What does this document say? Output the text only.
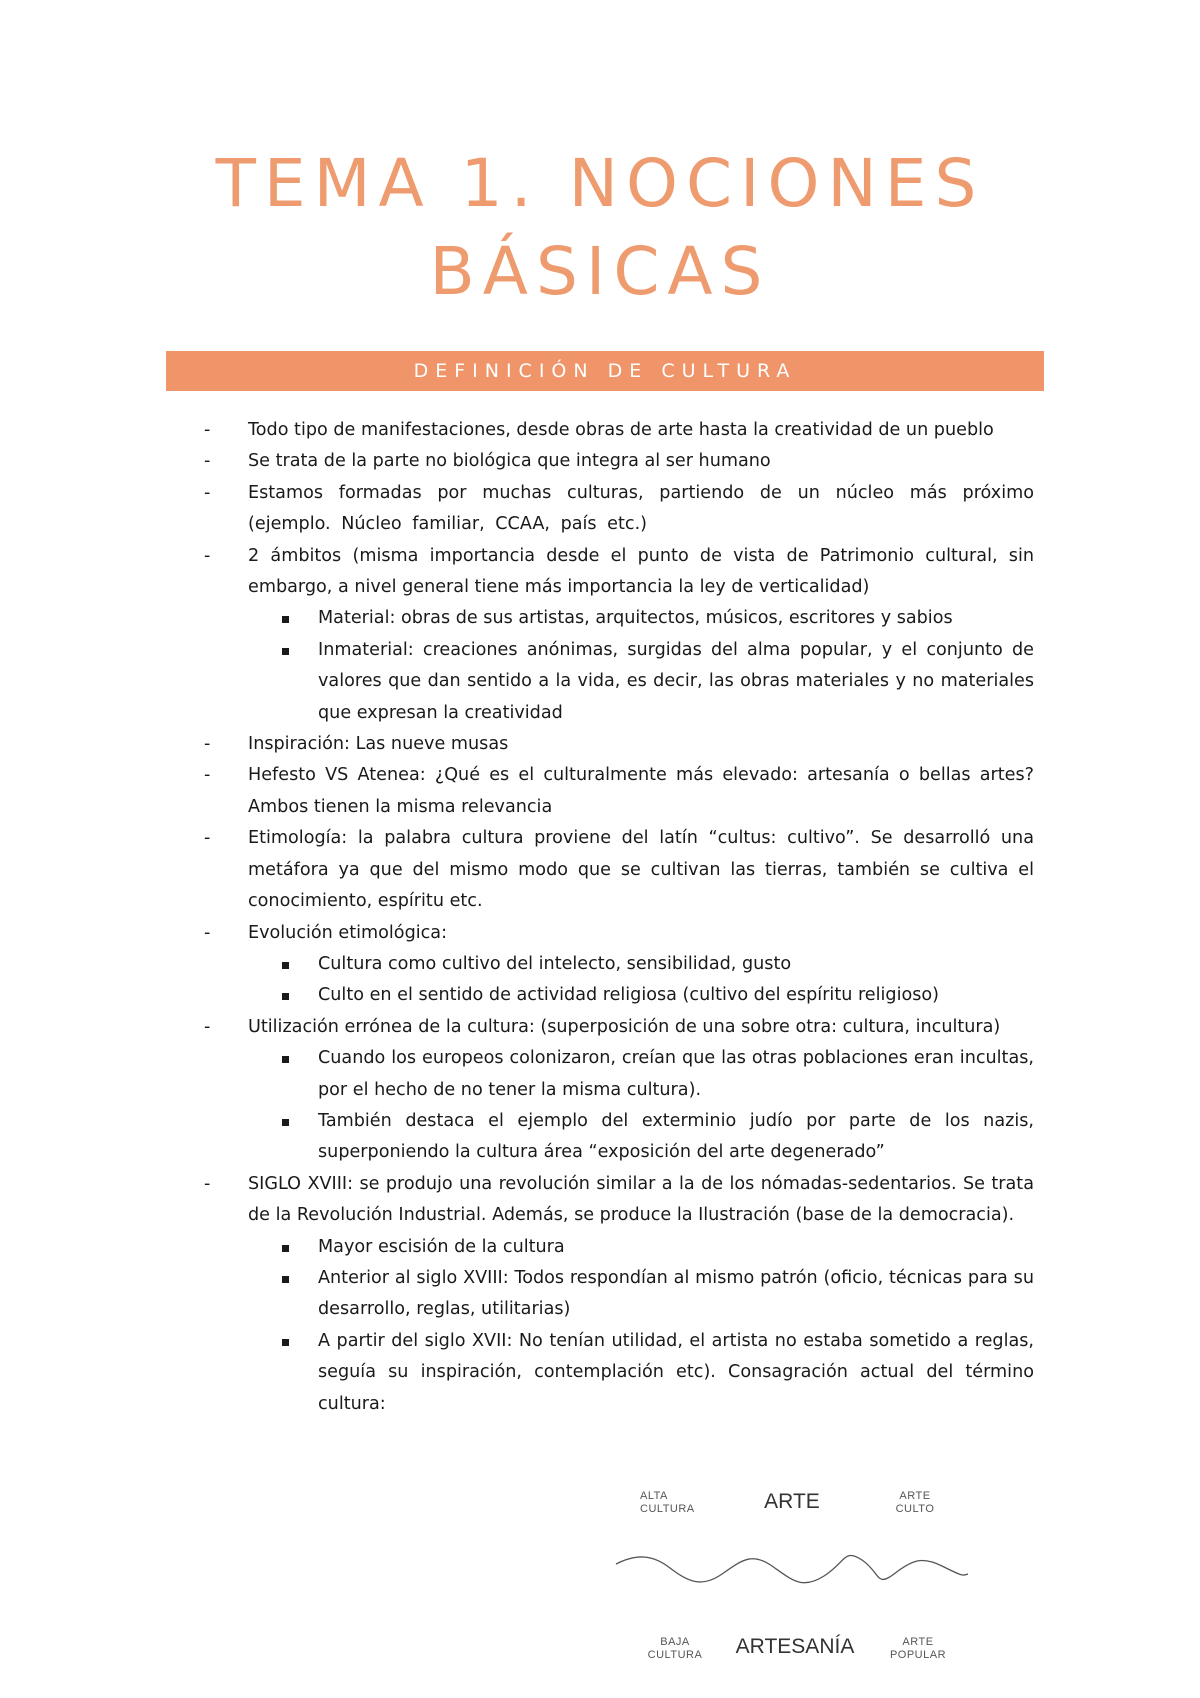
TEMA 1. NOCIONES
BÁSICAS
DEFINICIÓN DE CULTURA
- Todo tipo de manifestaciones, desde obras de arte hasta la creatividad de un pueblo
- Se trata de la parte no biológica que integra al ser humano
- Estamos formadas por muchas culturas, partiendo de un núcleo más próximo (ejemplo. Núcleo familiar, CCAA, país etc.)
- 2 ámbitos (misma importancia desde el punto de vista de Patrimonio cultural, sin embargo, a nivel general tiene más importancia la ley de verticalidad)
Material: obras de sus artistas, arquitectos, músicos, escritores y sabios
Inmaterial: creaciones anónimas, surgidas del alma popular, y el conjunto de valores que dan sentido a la vida, es decir, las obras materiales y no materiales que expresan la creatividad
- Inspiración: Las nueve musas
- Hefesto VS Atenea: ¿Qué es el culturalmente más elevado: artesanía o bellas artes? Ambos tienen la misma relevancia
- Etimología: la palabra cultura proviene del latín “cultus: cultivo”. Se desarrolló una metáfora ya que del mismo modo que se cultivan las tierras, también se cultiva el conocimiento, espíritu etc.
- Evolución etimológica:
Cultura como cultivo del intelecto, sensibilidad, gusto
Culto en el sentido de actividad religiosa (cultivo del espíritu religioso)
- Utilización errónea de la cultura: (superposición de una sobre otra: cultura, incultura)
Cuando los europeos colonizaron, creían que las otras poblaciones eran incultas, por el hecho de no tener la misma cultura).
También destaca el ejemplo del exterminio judío por parte de los nazis, superponiendo la cultura área “exposición del arte degenerado”
- SIGLO XVIII: se produjo una revolución similar a la de los nómadas-sedentarios. Se trata de la Revolución Industrial. Además, se produce la Ilustración (base de la democracia).
Mayor escisión de la cultura
Anterior al siglo XVIII: Todos respondían al mismo patrón (oficio, técnicas para su desarrollo, reglas, utilitarias)
A partir del siglo XVII: No tenían utilidad, el artista no estaba sometido a reglas, seguía su inspiración, contemplación etc). Consagración actual del término cultura:
ALTA
CULTURA	ARTE	ARTE
CULTO
BAJA
CULTURA	ARTESANÍA	ARTE
POPULAR
